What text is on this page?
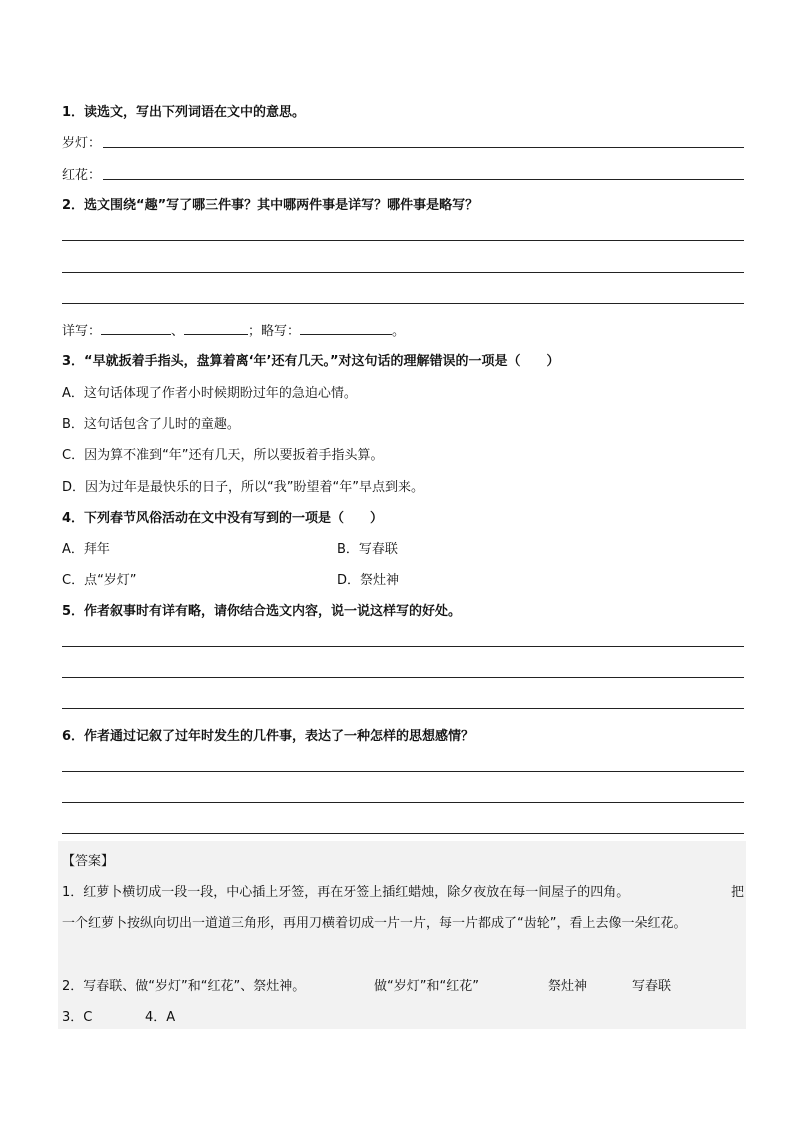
1．读选文，写出下列词语在文中的意思。
岁灯：
红花：
2．选文围绕“趣”写了哪三件事？其中哪两件事是详写？哪件事是略写？
详写：	、	；略写：	。
3．“早就扳着手指头，盘算着离‘年’还有几天。”对这句话的理解错误的一项是（　　）
A．这句话体现了作者小时候期盼过年的急迫心情。
B．这句话包含了儿时的童趣。
C．因为算不准到“年”还有几天，所以要扳着手指头算。
D．因为过年是最快乐的日子，所以“我”盼望着“年”早点到来。
4．下列春节风俗活动在文中没有写到的一项是（　　）
A．拜年	B．写春联
C．点“岁灯”	D．祭灶神
5．作者叙事时有详有略，请你结合选文内容，说一说这样写的好处。
6．作者通过记叙了过年时发生的几件事，表达了一种怎样的思想感情？
【答案】
1．红萝卜横切成一段一段，中心插上牙签，再在牙签上插红蜡烛，除夕夜放在每一间屋子的四角。	把
一个红萝卜按纵向切出一道道三角形，再用刀横着切成一片一片，每一片都成了“齿轮”，看上去像一朵红花。
2．写春联、做“岁灯”和“红花”、祭灶神。	做“岁灯”和“红花”	祭灶神	写春联
3．C	4．A
